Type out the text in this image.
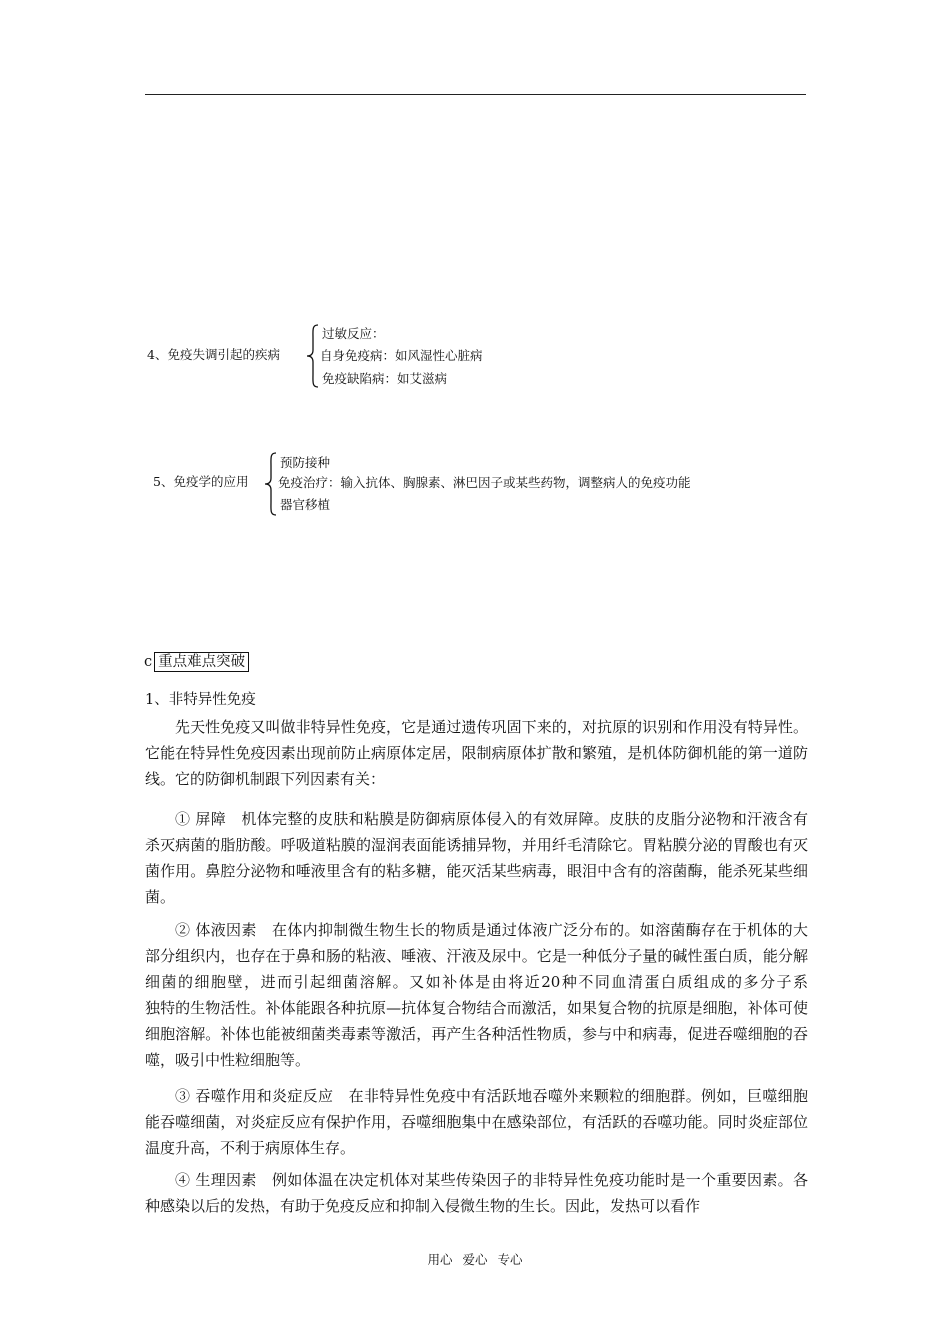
4、免疫失调引起的疾病
过敏反应：
自身免疫病：如风湿性心脏病
免疫缺陷病：如艾滋病
5、免疫学的应用
预防接种
免疫治疗：输入抗体、胸腺素、淋巴因子或某些药物，调整病人的免疫功能
器官移植
c 重点难点突破
1、非特异性免疫

先天性免疫又叫做非特异性免疫，它是通过遗传巩固下来的，对抗原的识别和作用没有特异性。它能在特异性免疫因素出现前防止病原体定居，限制病原体扩散和繁殖，是机体防御机能的第一道防线。它的防御机制跟下列因素有关：

① 屏障　机体完整的皮肤和粘膜是防御病原体侵入的有效屏障。皮肤的皮脂分泌物和汗液含有杀灭病菌的脂肪酸。呼吸道粘膜的湿润表面能诱捕异物，并用纤毛清除它。胃粘膜分泌的胃酸也有灭菌作用。鼻腔分泌物和唾液里含有的粘多糖，能灭活某些病毒，眼泪中含有的溶菌酶，能杀死某些细菌。

② 体液因素　在体内抑制微生物生长的物质是通过体液广泛分布的。如溶菌酶存在于机体的大部分组织内，也存在于鼻和肠的粘液、唾液、汗液及尿中。它是一种低分子量的碱性蛋白质，能分解细菌的细胞壁，进而引起细菌溶解。又如补体是由将近20种不同血清蛋白质组成的多分子系　　　独特的生物活性。补体能跟各种抗原—抗体复合物结合而激活，如果复合物的抗原是细胞，补体可使细胞溶解。补体也能被细菌类毒素等激活，再产生各种活性物质，参与中和病毒，促进吞噬细胞的吞噬，吸引中性粒细胞等。

③ 吞噬作用和炎症反应　在非特异性免疫中有活跃地吞噬外来颗粒的细胞群。例如，巨噬细胞能吞噬细菌，对炎症反应有保护作用，吞噬细胞集中在感染部位，有活跃的吞噬功能。同时炎症部位温度升高，不利于病原体生存。

④ 生理因素　例如体温在决定机体对某些传染因子的非特异性免疫功能时是一个重要因素。各种感染以后的发热，有助于免疫反应和抑制入侵微生物的生长。因此，发热可以看作

用心 爱心 专心
